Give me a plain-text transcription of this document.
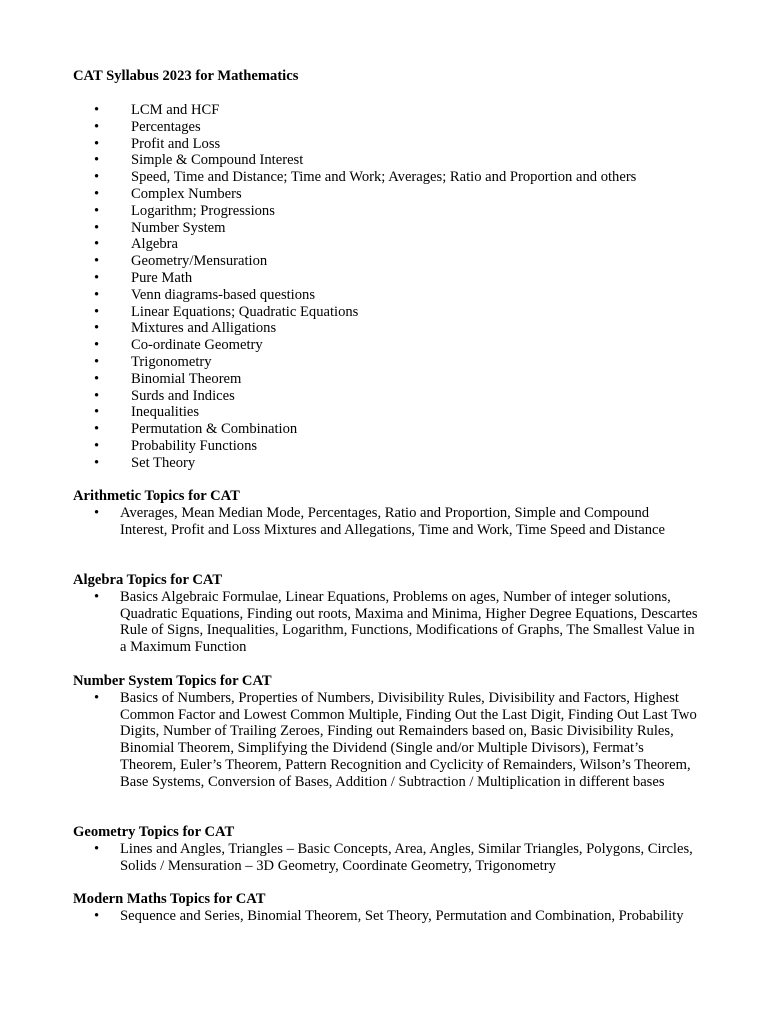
CAT Syllabus 2023 for Mathematics

• LCM and HCF
• Percentages
• Profit and Loss
• Simple & Compound Interest
• Speed, Time and Distance; Time and Work; Averages; Ratio and Proportion and others
• Complex Numbers
• Logarithm; Progressions
• Number System
• Algebra
• Geometry/Mensuration
• Pure Math
• Venn diagrams-based questions
• Linear Equations; Quadratic Equations
• Mixtures and Alligations
• Co-ordinate Geometry
• Trigonometry
• Binomial Theorem
• Surds and Indices
• Inequalities
• Permutation & Combination
• Probability Functions
• Set Theory
Arithmetic Topics for CAT

• Averages, Mean Median Mode, Percentages, Ratio and Proportion, Simple and Compound Interest, Profit and Loss Mixtures and Allegations, Time and Work, Time Speed and Distance

Algebra Topics for CAT

• Basics Algebraic Formulae, Linear Equations, Problems on ages, Number of integer solutions, Quadratic Equations, Finding out roots, Maxima and Minima, Higher Degree Equations, Descartes Rule of Signs, Inequalities, Logarithm, Functions, Modifications of Graphs, The Smallest Value in a Maximum Function

Number System Topics for CAT

• Basics of Numbers, Properties of Numbers, Divisibility Rules, Divisibility and Factors, Highest Common Factor and Lowest Common Multiple, Finding Out the Last Digit, Finding Out Last Two Digits, Number of Trailing Zeroes, Finding out Remainders based on, Basic Divisibility Rules, Binomial Theorem, Simplifying the Dividend (Single and/or Multiple Divisors), Fermat’s Theorem, Euler’s Theorem, Pattern Recognition and Cyclicity of Remainders, Wilson’s Theorem, Base Systems, Conversion of Bases, Addition / Subtraction / Multiplication in different bases

Geometry Topics for CAT

• Lines and Angles, Triangles – Basic Concepts, Area, Angles, Similar Triangles, Polygons, Circles, Solids / Mensuration – 3D Geometry, Coordinate Geometry, Trigonometry

Modern Maths Topics for CAT

• Sequence and Series, Binomial Theorem, Set Theory, Permutation and Combination, Probability
